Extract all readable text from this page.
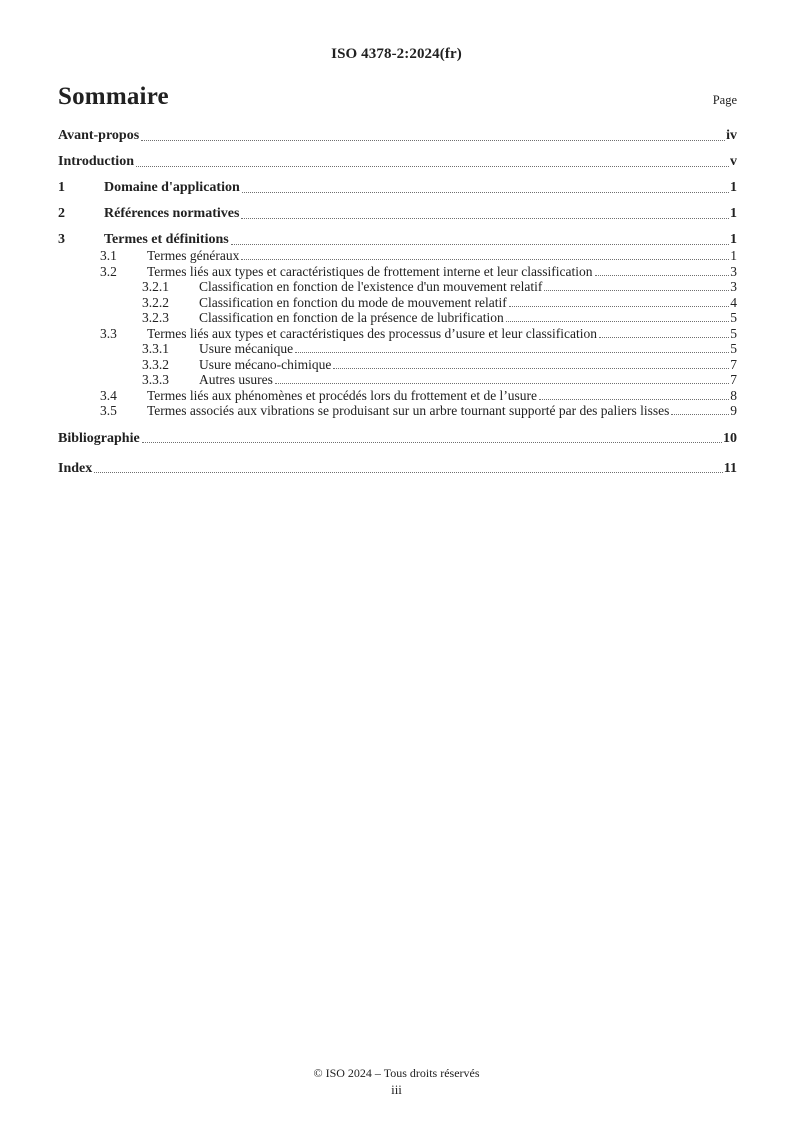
ISO 4378-2:2024(fr)
Sommaire	Page
Avant-propos	iv
Introduction	v
1	Domaine d'application	1
2	Références normatives	1
3	Termes et définitions	1
3.1	Termes généraux	1
3.2	Termes liés aux types et caractéristiques de frottement interne et leur classification	3
3.2.1	Classification en fonction de l'existence d'un mouvement relatif	3
3.2.2	Classification en fonction du mode de mouvement relatif	4
3.2.3	Classification en fonction de la présence de lubrification	5
3.3	Termes liés aux types et caractéristiques des processus d’usure et leur classification	5
3.3.1	Usure mécanique	5
3.3.2	Usure mécano-chimique	7
3.3.3	Autres usures	7
3.4	Termes liés aux phénomènes et procédés lors du frottement et de l’usure	8
3.5	Termes associés aux vibrations se produisant sur un arbre tournant supporté par des paliers lisses	9
Bibliographie	10
Index	11
© ISO 2024 – Tous droits réservés
iii
